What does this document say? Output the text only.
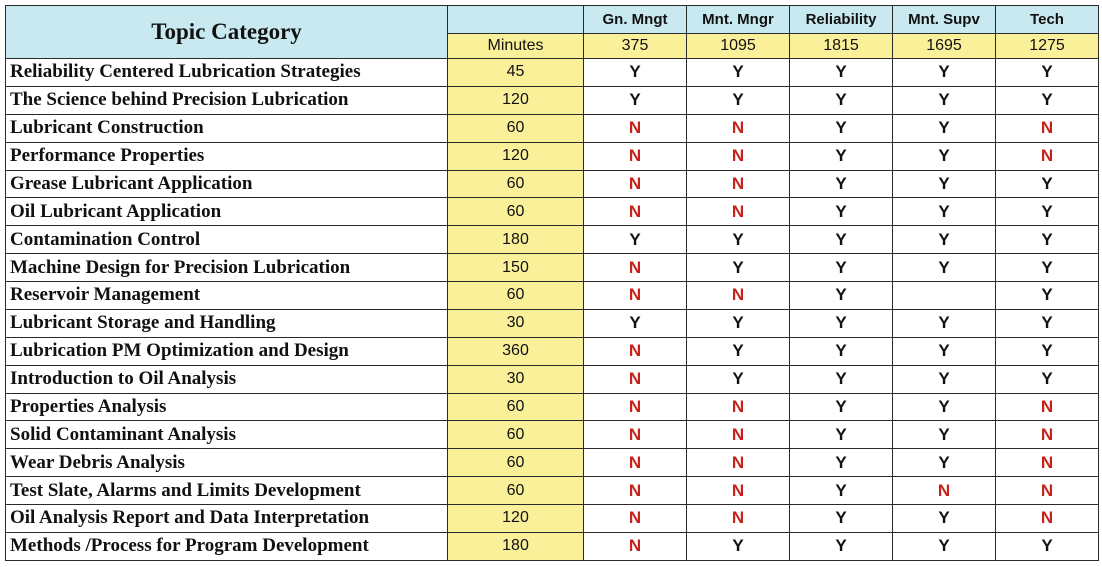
Topic Category		Gn. Mngt	Mnt. Mngr	Reliability	Mnt. Supv	Tech
	Minutes	375	1095	1815	1695	1275
Reliability Centered Lubrication Strategies	45	Y	Y	Y	Y	Y
The Science behind Precision Lubrication	120	Y	Y	Y	Y	Y
Lubricant Construction	60	N	N	Y	Y	N
Performance Properties	120	N	N	Y	Y	N
Grease Lubricant Application	60	N	N	Y	Y	Y
Oil Lubricant Application	60	N	N	Y	Y	Y
Contamination Control	180	Y	Y	Y	Y	Y
Machine Design for Precision Lubrication	150	N	Y	Y	Y	Y
Reservoir Management	60	N	N	Y		Y
Lubricant Storage and Handling	30	Y	Y	Y	Y	Y
Lubrication PM Optimization and Design	360	N	Y	Y	Y	Y
Introduction to Oil Analysis	30	N	Y	Y	Y	Y
Properties Analysis	60	N	N	Y	Y	N
Solid Contaminant Analysis	60	N	N	Y	Y	N
Wear Debris Analysis	60	N	N	Y	Y	N
Test Slate, Alarms and Limits Development	60	N	N	Y	N	N
Oil Analysis Report and Data Interpretation	120	N	N	Y	Y	N
Methods /Process for Program Development	180	N	Y	Y	Y	Y
